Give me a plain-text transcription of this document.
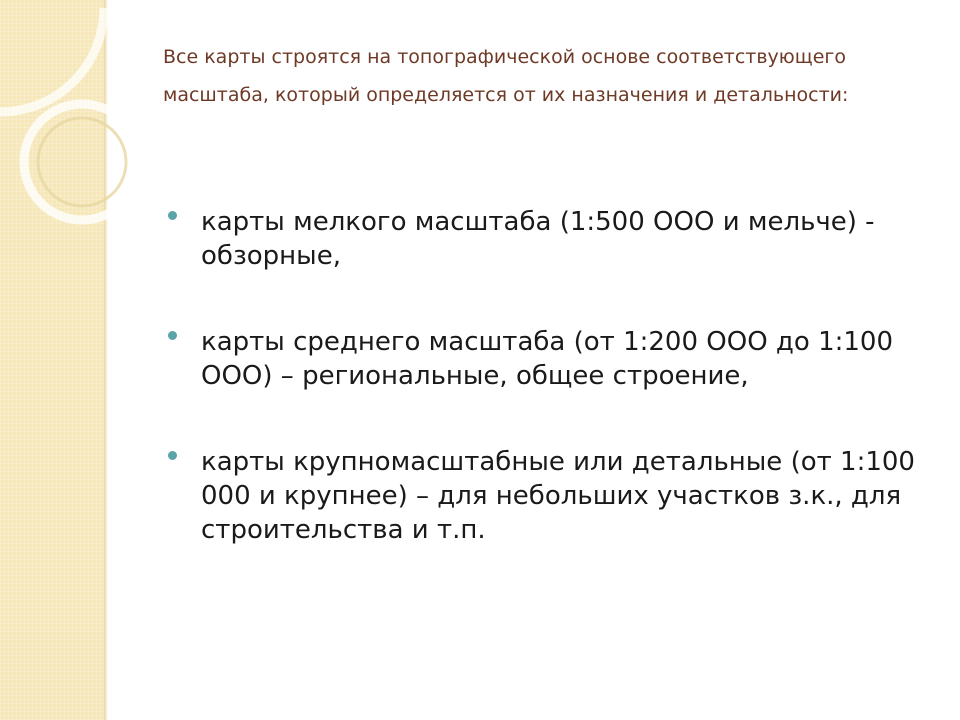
Все карты строятся на топографической основе соответствующего масштаба, который определяется от их назначения и детальности:

карты мелкого масштаба (1:500 ООО и мельче) - обзорные,
карты среднего масштаба (от 1:200 ООО до 1:100 ООО) – региональные, общее строение,
карты крупномасштабные или детальные (от 1:100 000 и крупнее) – для небольших участков з.к., для строительства и т.п.
